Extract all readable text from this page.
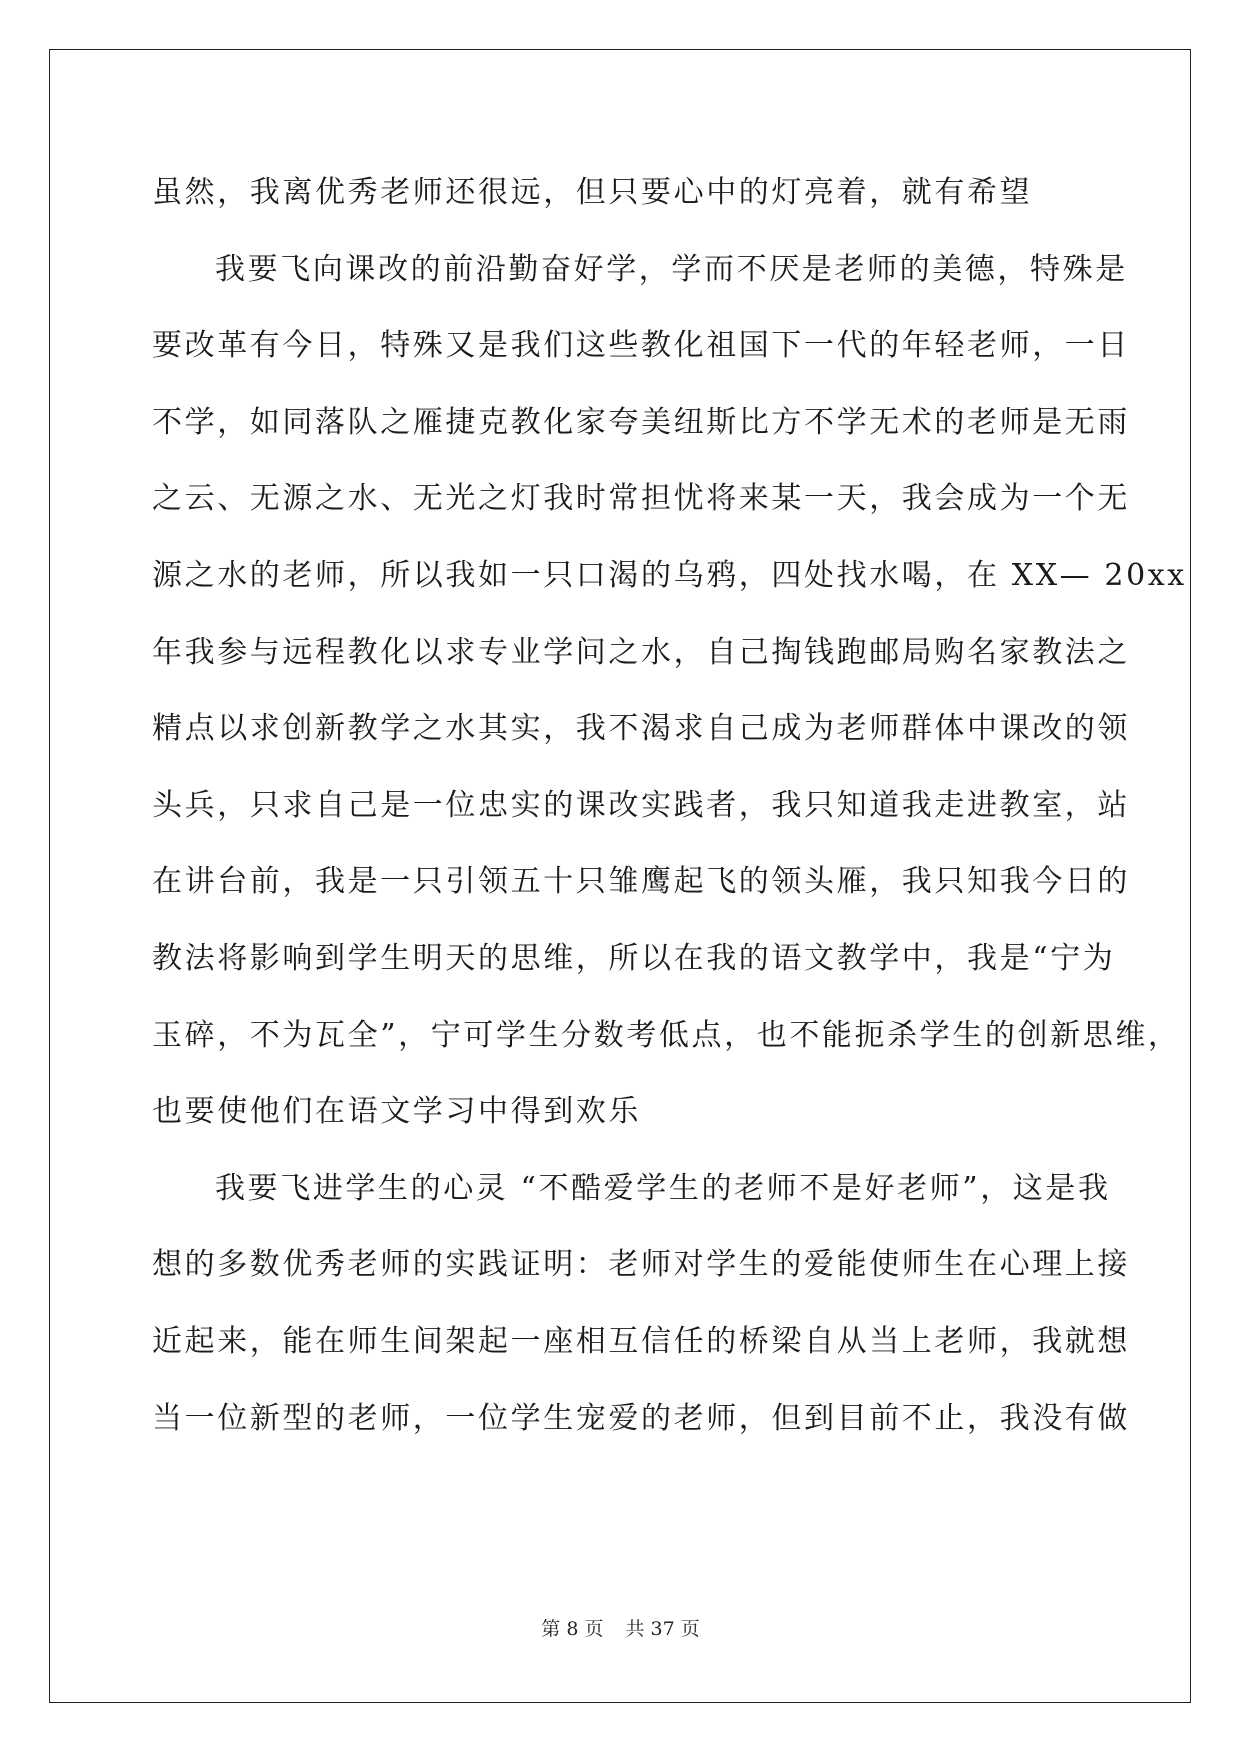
虽然，我离优秀老师还很远，但只要心中的灯亮着，就有希望
我要飞向课改的前沿勤奋好学，学而不厌是老师的美德，特殊是
要改革有今日，特殊又是我们这些教化祖国下一代的年轻老师，一日
不学，如同落队之雁捷克教化家夸美纽斯比方不学无术的老师是无雨
之云、无源之水、无光之灯我时常担忧将来某一天，我会成为一个无
源之水的老师，所以我如一只口渴的乌鸦，四处找水喝，在 XX— 20xx
年我参与远程教化以求专业学问之水，自己掏钱跑邮局购名家教法之
精点以求创新教学之水其实，我不渴求自己成为老师群体中课改的领
头兵，只求自己是一位忠实的课改实践者，我只知道我走进教室，站
在讲台前，我是一只引领五十只雏鹰起飞的领头雁，我只知我今日的
教法将影响到学生明天的思维，所以在我的语文教学中，我是“宁为
玉碎，不为瓦全”，宁可学生分数考低点，也不能扼杀学生的创新思维，
也要使他们在语文学习中得到欢乐
我要飞进学生的心灵 “不酷爱学生的老师不是好老师”，这是我
想的多数优秀老师的实践证明：老师对学生的爱能使师生在心理上接
近起来，能在师生间架起一座相互信任的桥梁自从当上老师，我就想
当一位新型的老师，一位学生宠爱的老师，但到目前不止，我没有做
第 8 页 共 37 页
